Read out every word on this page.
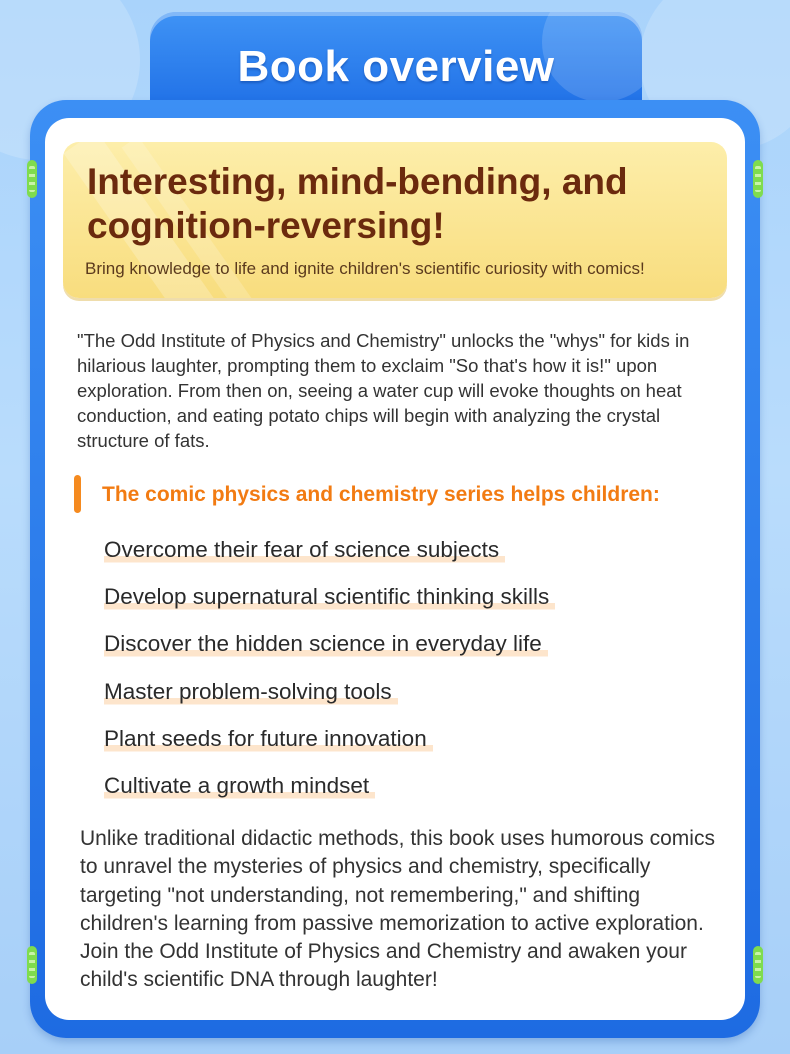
Book overview
Interesting, mind-bending, and cognition-reversing!
Bring knowledge to life and ignite children's scientific curiosity with comics!
"The Odd Institute of Physics and Chemistry" unlocks the "whys" for kids in hilarious laughter, prompting them to exclaim "So that's how it is!" upon exploration. From then on, seeing a water cup will evoke thoughts on heat conduction, and eating potato chips will begin with analyzing the crystal structure of fats.
The comic physics and chemistry series helps children:
Overcome their fear of science subjects
Develop supernatural scientific thinking skills
Discover the hidden science in everyday life
Master problem-solving tools
Plant seeds for future innovation
Cultivate a growth mindset
Unlike traditional didactic methods, this book uses humorous comics to unravel the mysteries of physics and chemistry, specifically targeting "not understanding, not remembering," and shifting children's learning from passive memorization to active exploration. Join the Odd Institute of Physics and Chemistry and awaken your child's scientific DNA through laughter!
